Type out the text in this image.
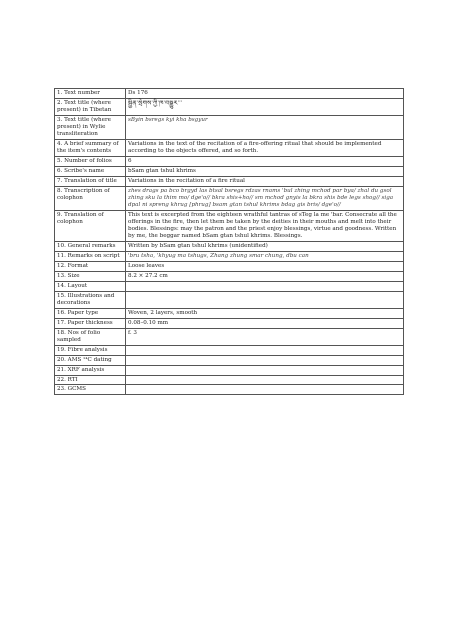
1. Text number	Ds 176
2. Text title (where present) in Tibetan	སྦྱིན་སྲེགས་ཀྱི་ཁ་བསྒྱུར་་་
3. Text title (where present) in Wylie transliteration	sByin bsregs kyi kha bsgyur
4. A brief summary of the item's contents	Variations in the text of the recitation of a fire-offering ritual that should be implemented according to the objects offered, and so forth.
5. Number of folios	6
6. Scribe's name	bSam gtan tshul khrims
7. Translation of title	Variations in the recitation of a fire ritual
8. Transcription of colophon	zhes drags pa bco brgyd las btsal bsregs rdzas rnams 'bul zhing mchod par bya/ zhal du gsol zhing sku la thim mo/ dge'o// bkra shis+ho// sm mchod gnyis la bkra shis bde legs shog// siga dpal ni spreng khrug [phrug] bsam gtan tshul khrims bdag gis bris/ dge'o//
9. Translation of colophon	This text is excerpted from the eighteen wrathful tantras of sTeg la me 'bar. Consecrate all the offerings in the fire, then let them be taken by the deities in their mouths and melt into their bodies. Blessings: may the patron and the priest enjoy blessings, virtue and goodness. Written by me, the beggar named bSam gtan tshul khrims. Blessings.
10. General remarks	Written by bSam gtan tshul khrims (unidentified)
11. Remarks on script	'bru tsha, 'khyug ma tshugs, Zhang zhung smar chung, dbu can
12. Format	Loose leaves
13. Size	8.2 × 27.2 cm
14. Layout	
15. Illustrations and decorations	
16. Paper type	Woven, 2 layers, smooth
17. Paper thickness	0.08–0.10 mm
18. Nos of folio sampled	f. 3
19. Fibre analysis	
20. AMS ¹⁴C dating	
21. XRF analysis	
22. RTI	
23. GCMS	
